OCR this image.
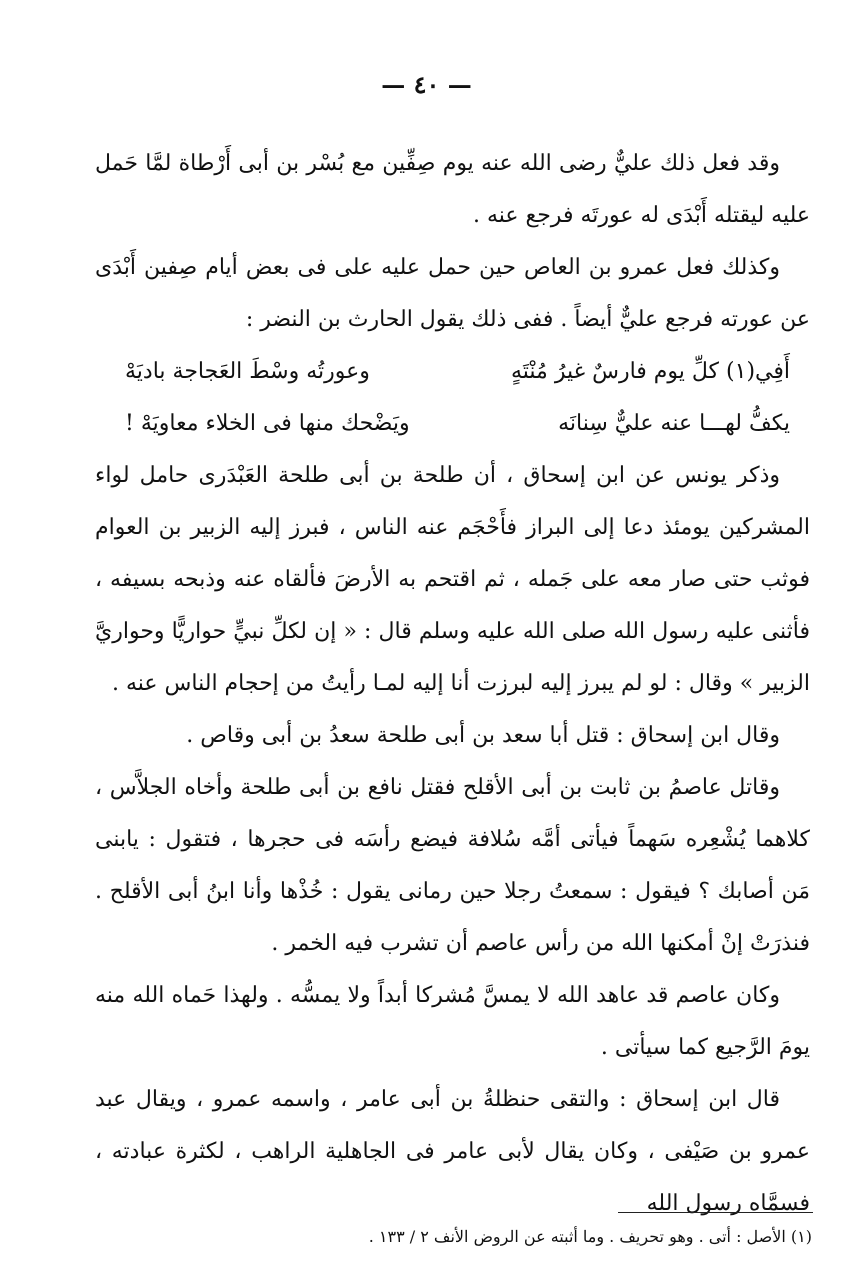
— ٤٠ —

وقد فعل ذلك عليٌّ رضى الله عنه يوم صِفِّين مع بُسْر بن أبى أَرْطاة لمَّا حَمل عليه ليقتله أَبْدَى له عورتَه فرجع عنه .

وكذلك فعل عمرو بن العاص حين حمل عليه على فى بعض أيام صِفين أَبْدَى عن عورته فرجع عليٌّ أيضاً . ففى ذلك يقول الحارث بن النضر :

أَفِي(١) كلِّ يوم فارسٌ غيرُ مُنْتَهٍ
وعورتُه وسْطَ العَجاجة باديَهْ
يكفُّ لهـــا عنه عليٌّ سِنانَه
ويَضْحك منها فى الخلاء معاويَهْ !

وذكر يونس عن ابن إسحاق ، أن طلحة بن أبى طلحة العَبْدَرى حامل لواء المشركين يومئذ دعا إلى البراز فأَحْجَم عنه الناس ، فبرز إليه الزبير بن العوام فوثب حتى صار معه على جَمله ، ثم اقتحم به الأرضَ فألقاه عنه وذبحه بسيفه ، فأثنى عليه رسول الله صلى الله عليه وسلم قال : « إن لكلِّ نبيٍّ حواريًّا وحواريَّ الزبير » وقال : لو لم يبرز إليه لبرزت أنا إليه لمـا رأيتُ من إحجام الناس عنه .

وقال ابن إسحاق : قتل أبا سعد بن أبى طلحة سعدُ بن أبى وقاص .

وقاتل عاصمُ بن ثابت بن أبى الأقلح فقتل نافع بن أبى طلحة وأخاه الجلاَّس ، كلاهما يُشْعِره سَهماً فيأتى أمَّه سُلافة فيضع رأسَه فى حجرها ، فتقول : يابنى مَن أصابك ؟ فيقول : سمعتُ رجلا حين رمانى يقول : خُذْها وأنا ابنُ أبى الأقلح . فنذرَتْ إنْ أمكنها الله من رأس عاصم أن تشرب فيه الخمر .

وكان عاصم قد عاهد الله لا يمسَّ مُشركا أبداً ولا يمسُّه . ولهذا حَماه الله منه يومَ الرَّجيع كما سيأتى .

قال ابن إسحاق : والتقى حنظلةُ بن أبى عامر ، واسمه عمرو ، ويقال عبد عمرو بن صَيْفى ، وكان يقال لأبى عامر فى الجاهلية الراهب ، لكثرة عبادته ، فسمَّاه رسول الله

(١) الأصل : أتى . وهو تحريف . وما أثبته عن الروض الأنف ٢ / ١٣٣ .
